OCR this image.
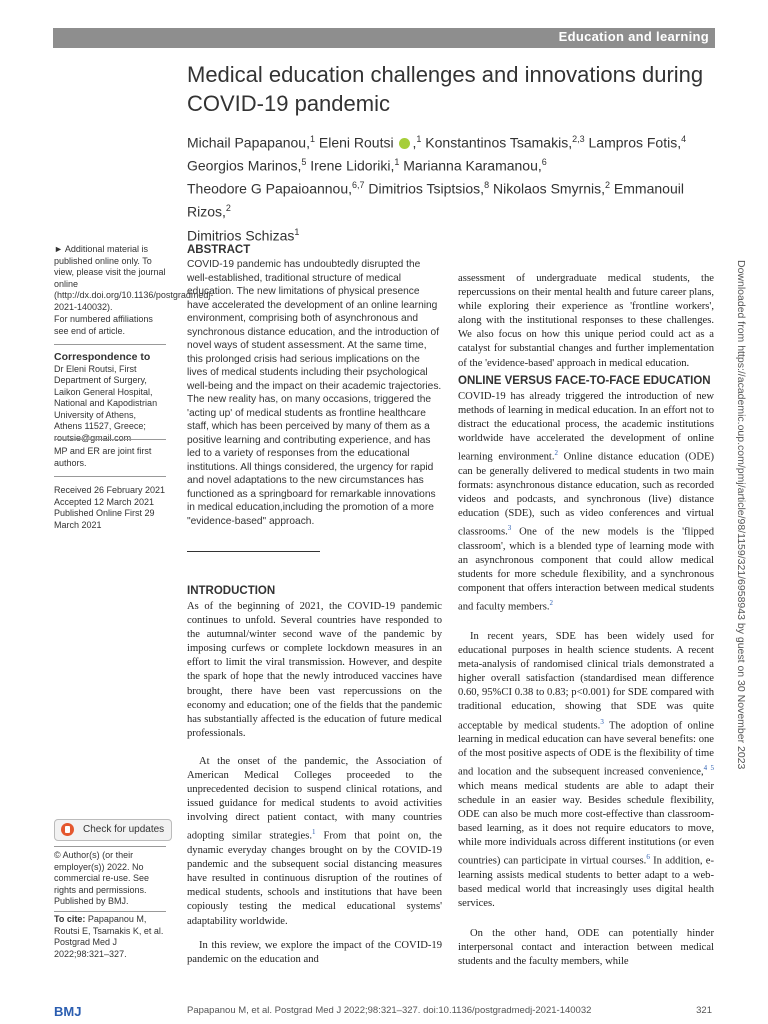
Education and learning
Medical education challenges and innovations during COVID-19 pandemic
Michail Papapanou,$^1$ Eleni Routsi ,$^1$ Konstantinos Tsamakis,$^{2,3}$ Lampros Fotis,$^4$
Georgios Marinos,$^5$ Irene Lidoriki,$^1$ Marianna Karamanou,$^6$
Theodore G Papaioannou,$^{6,7}$ Dimitrios Tsiptsios,$^8$ Nikolaos Smyrnis,$^2$ Emmanouil Rizos,$^2$
Dimitrios Schizas$^1$
► Additional material is published online only. To view, please visit the journal online (http://dx.doi.org/10.1136/postgradmedj-2021-140032).
For numbered affiliations see end of article.
Correspondence to
Dr Eleni Routsi, First Department of Surgery, Laikon General Hospital, National and Kapodistrian University of Athens, Athens 11527, Greece; routsie@gmail.com
MP and ER are joint first authors.
Received 26 February 2021
Accepted 12 March 2021
Published Online First 29 March 2021
Check for updates
© Author(s) (or their employer(s)) 2022. No commercial re-use. See rights and permissions. Published by BMJ.
To cite: Papapanou M, Routsi E, Tsamakis K, et al. Postgrad Med J 2022;98:321–327.
ABSTRACT
COVID-19 pandemic has undoubtedly disrupted the well-established, traditional structure of medical education. The new limitations of physical presence have accelerated the development of an online learning environment, comprising both of asynchronous and synchronous distance education, and the introduction of novel ways of student assessment. At the same time, this prolonged crisis had serious implications on the lives of medical students including their psychological well-being and the impact on their academic trajectories. The new reality has, on many occasions, triggered the 'acting up' of medical students as frontline healthcare staff, which has been perceived by many of them as a positive learning and contributing experience, and has led to a variety of responses from the educational institutions. All things considered, the urgency for rapid and novel adaptations to the new circumstances has functioned as a springboard for remarkable innovations in medical education,including the promotion of a more "evidence-based" approach.
INTRODUCTION
As of the beginning of 2021, the COVID-19 pandemic continues to unfold. Several countries have responded to the autumnal/winter second wave of the pandemic by imposing curfews or complete lockdown measures in an effort to limit the viral transmission. However, and despite the spark of hope that the newly introduced vaccines have brought, there have been vast repercussions on the economy and education; one of the fields that the pandemic has substantially affected is the education of future medical professionals.
At the onset of the pandemic, the Association of American Medical Colleges proceeded to the unprecedented decision to suspend clinical rotations, and issued guidance for medical students to avoid activities involving direct patient contact, with many countries adopting similar strategies.$^1$ From that point on, the dynamic everyday changes brought on by the COVID-19 pandemic and the subsequent social distancing measures have resulted in continuous disruption of the routines of medical students, schools and institutions that have been copiously testing the medical educational systems' adaptability worldwide.
In this review, we explore the impact of the COVID-19 pandemic on the education and
assessment of undergraduate medical students, the repercussions on their mental health and future career plans, while exploring their experience as 'frontline workers', along with the institutional responses to these challenges. We also focus on how this unique period could act as a catalyst for substantial changes and further implementation of the 'evidence-based' approach in medical education.
ONLINE VERSUS FACE-TO-FACE EDUCATION
COVID-19 has already triggered the introduction of new methods of learning in medical education. In an effort not to distract the educational process, the academic institutions worldwide have accelerated the development of online learning environment.$^2$ Online distance education (ODE) can be generally delivered to medical students in two main formats: asynchronous distance education, such as recorded videos and podcasts, and synchronous (live) distance education (SDE), such as video conferences and virtual classrooms.$^3$ One of the new models is the 'flipped classroom', which is a blended type of learning mode with an asynchronous component that could allow medical students for more schedule flexibility, and a synchronous component that offers interaction between medical students and faculty members.$^2$
In recent years, SDE has been widely used for educational purposes in health science students. A recent meta-analysis of randomised clinical trials demonstrated a higher overall satisfaction (standardised mean difference 0.60, 95%CI 0.38 to 0.83; p<0.001) for SDE compared with traditional education, showing that SDE was quite acceptable by medical students.$^3$ The adoption of online learning in medical education can have several benefits: one of the most positive aspects of ODE is the flexibility of time and location and the subsequent increased convenience,$^{4 5}$ which means medical students are able to adapt their schedule in an easier way. Besides schedule flexibility, ODE can also be much more cost-effective than classroom-based learning, as it does not require educators to move, while more individuals across different institutions (or even countries) can participate in virtual courses.$^6$ In addition, e-learning assists medical students to better adapt to a web-based medical world that increasingly uses digital health services.
On the other hand, ODE can potentially hinder interpersonal contact and interaction between medical students and the faculty members, while
BMJ	Papapanou M, et al. Postgrad Med J 2022;98:321–327. doi:10.1136/postgradmedj-2021-140032	321
Downloaded from https://academic.oup.com/pmj/article/98/1159/321/6958943 by guest on 30 November 2023
